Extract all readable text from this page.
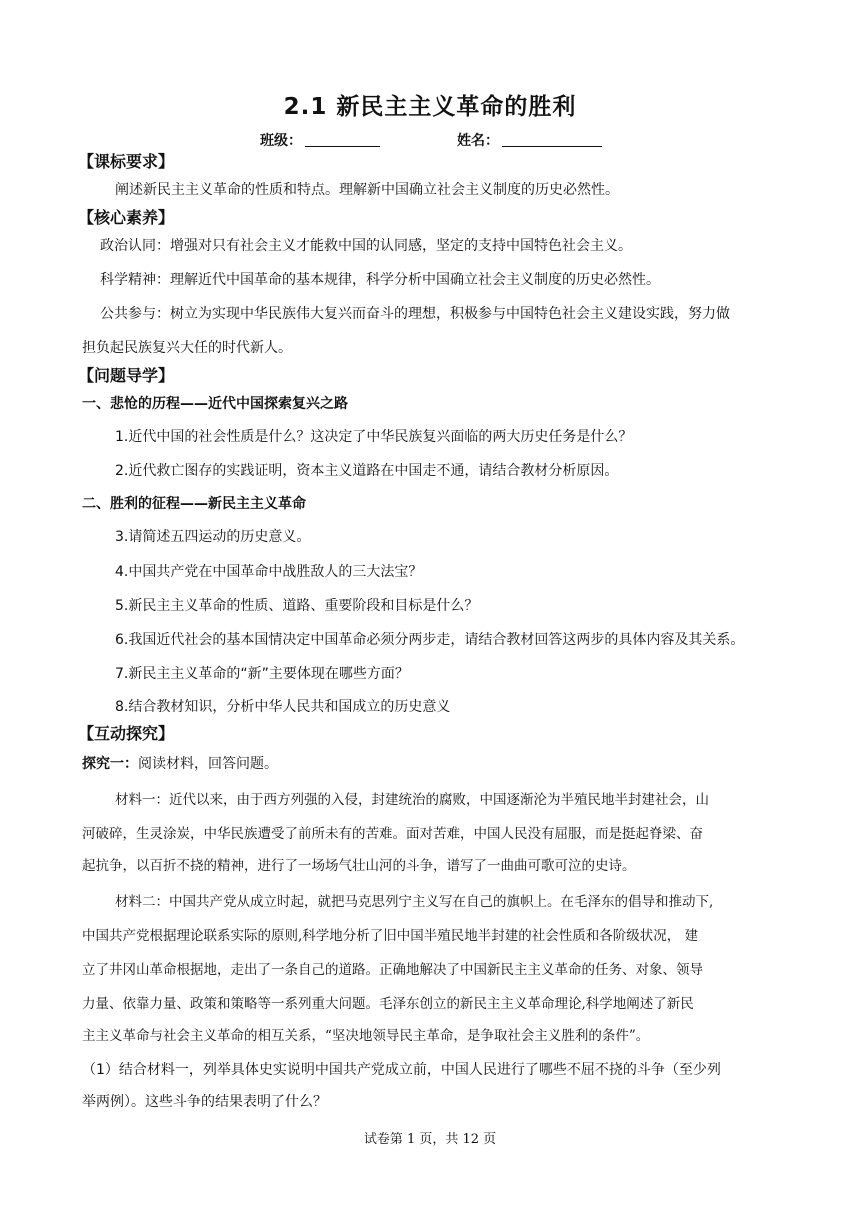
2.1 新民主主义革命的胜利
班级：	姓名：
【课标要求】
阐述新民主主义革命的性质和特点。理解新中国确立社会主义制度的历史必然性。
【核心素养】
政治认同：增强对只有社会主义才能救中国的认同感，坚定的支持中国特色社会主义。
科学精神：理解近代中国革命的基本规律，科学分析中国确立社会主义制度的历史必然性。
公共参与：树立为实现中华民族伟大复兴而奋斗的理想，积极参与中国特色社会主义建设实践，努力做
担负起民族复兴大任的时代新人。
【问题导学】
一、悲怆的历程——近代中国探索复兴之路
1.近代中国的社会性质是什么？这决定了中华民族复兴面临的两大历史任务是什么？
2.近代救亡图存的实践证明，资本主义道路在中国走不通，请结合教材分析原因。
二、胜利的征程——新民主主义革命
3.请简述五四运动的历史意义。
4.中国共产党在中国革命中战胜敌人的三大法宝？
5.新民主主义革命的性质、道路、重要阶段和目标是什么？
6.我国近代社会的基本国情决定中国革命必须分两步走，请结合教材回答这两步的具体内容及其关系。
7.新民主主义革命的“新”主要体现在哪些方面？
8.结合教材知识，分析中华人民共和国成立的历史意义
【互动探究】
探究一：阅读材料，回答问题。
材料一：近代以来，由于西方列强的入侵，封建统治的腐败，中国逐渐沦为半殖民地半封建社会，山
河破碎，生灵涂炭，中华民族遭受了前所未有的苦难。面对苦难，中国人民没有屈服，而是挺起脊梁、奋
起抗争，以百折不挠的精神，进行了一场场气壮山河的斗争，谱写了一曲曲可歌可泣的史诗。
材料二：中国共产党从成立时起，就把马克思列宁主义写在自己的旗帜上。在毛泽东的倡导和推动下,
中国共产党根据理论联系实际的原则,科学地分析了旧中国半殖民地半封建的社会性质和各阶级状况， 建
立了井冈山革命根据地，走出了一条自己的道路。正确地解决了中国新民主主义革命的任务、对象、领导
力量、依靠力量、政策和策略等一系列重大问题。毛泽东创立的新民主主义革命理论,科学地阐述了新民
主主义革命与社会主义革命的相互关系，“坚决地领导民主革命，是争取社会主义胜利的条件”。
（1）结合材料一，列举具体史实说明中国共产党成立前，中国人民进行了哪些不屈不挠的斗争（至少列
举两例）。这些斗争的结果表明了什么？
试卷第 1 页，共 12 页
